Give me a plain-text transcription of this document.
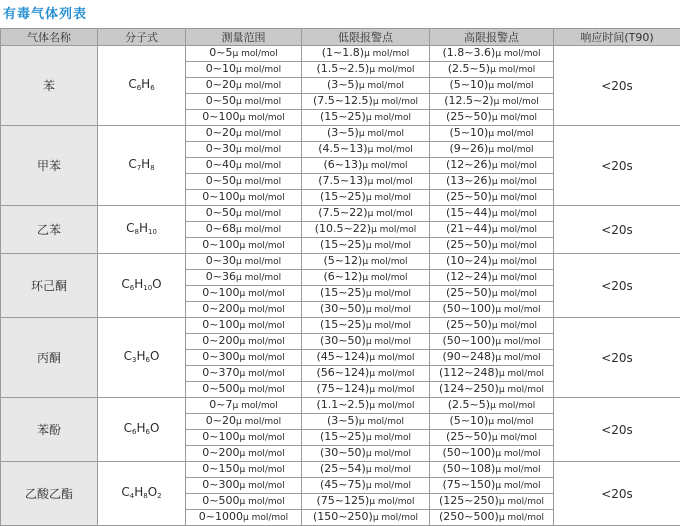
有毒气体列表
气体名称	分子式	测量范围	低限报警点	高限报警点	响应时间(T90)
苯	$C_6H_6$	0~5μ mol/mol	(1~1.8)μ mol/mol	(1.8~3.6)μ mol/mol	<20s
		0~10μ mol/mol	(1.5~2.5)μ mol/mol	(2.5~5)μ mol/mol	
		0~20μ mol/mol	(3~5)μ mol/mol	(5~10)μ mol/mol	
		0~50μ mol/mol	(7.5~12.5)μ mol/mol	(12.5~2)μ mol/mol	
		0~100μ mol/mol	(15~25)μ mol/mol	(25~50)μ mol/mol	
甲苯	$C_7H_8$	0~20μ mol/mol	(3~5)μ mol/mol	(5~10)μ mol/mol	<20s
		0~30μ mol/mol	(4.5~13)μ mol/mol	(9~26)μ mol/mol	
		0~40μ mol/mol	(6~13)μ mol/mol	(12~26)μ mol/mol	
		0~50μ mol/mol	(7.5~13)μ mol/mol	(13~26)μ mol/mol	
		0~100μ mol/mol	(15~25)μ mol/mol	(25~50)μ mol/mol	
乙苯	$C_8H_{10}$	0~50μ mol/mol	(7.5~22)μ mol/mol	(15~44)μ mol/mol	<20s
		0~68μ mol/mol	(10.5~22)μ mol/mol	(21~44)μ mol/mol	
		0~100μ mol/mol	(15~25)μ mol/mol	(25~50)μ mol/mol	
环己酮	$C_6H_{10}O$	0~30μ mol/mol	(5~12)μ mol/mol	(10~24)μ mol/mol	<20s
		0~36μ mol/mol	(6~12)μ mol/mol	(12~24)μ mol/mol	
		0~100μ mol/mol	(15~25)μ mol/mol	(25~50)μ mol/mol	
		0~200μ mol/mol	(30~50)μ mol/mol	(50~100)μ mol/mol	
丙酮	$C_3H_6O$	0~100μ mol/mol	(15~25)μ mol/mol	(25~50)μ mol/mol	<20s
		0~200μ mol/mol	(30~50)μ mol/mol	(50~100)μ mol/mol	
		0~300μ mol/mol	(45~124)μ mol/mol	(90~248)μ mol/mol	
		0~370μ mol/mol	(56~124)μ mol/mol	(112~248)μ mol/mol	
		0~500μ mol/mol	(75~124)μ mol/mol	(124~250)μ mol/mol	
苯酚	$C_6H_6O$	0~7μ mol/mol	(1.1~2.5)μ mol/mol	(2.5~5)μ mol/mol	<20s
		0~20μ mol/mol	(3~5)μ mol/mol	(5~10)μ mol/mol	
		0~100μ mol/mol	(15~25)μ mol/mol	(25~50)μ mol/mol	
		0~200μ mol/mol	(30~50)μ mol/mol	(50~100)μ mol/mol	
乙酸乙酯	$C_4H_8O_2$	0~150μ mol/mol	(25~54)μ mol/mol	(50~108)μ mol/mol	<20s
		0~300μ mol/mol	(45~75)μ mol/mol	(75~150)μ mol/mol	
		0~500μ mol/mol	(75~125)μ mol/mol	(125~250)μ mol/mol	
		0~1000μ mol/mol	(150~250)μ mol/mol	(250~500)μ mol/mol	
